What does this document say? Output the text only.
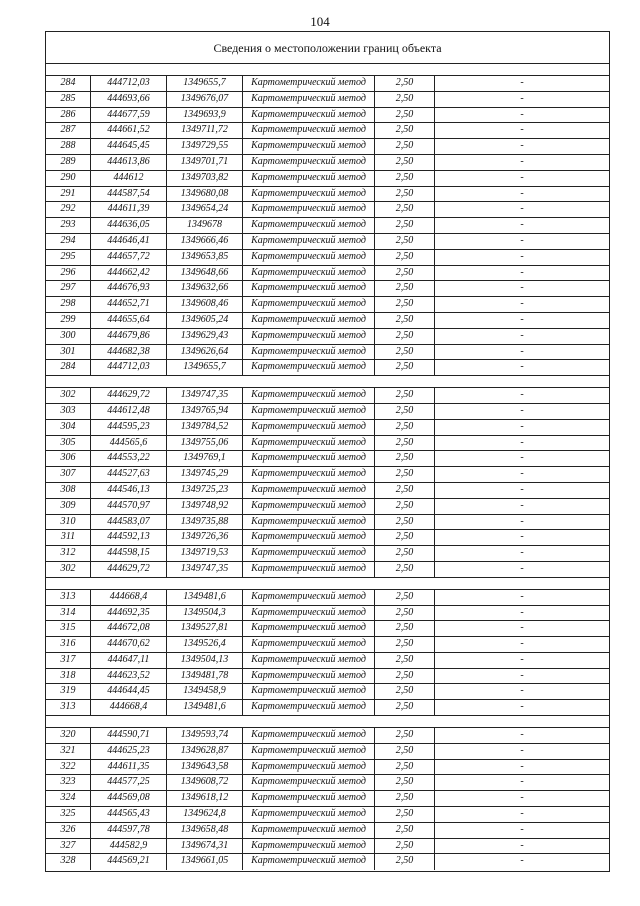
104
Сведения о местоположении границ объекта
284	444712,03	1349655,7	Картометрический метод	2,50	-
285	444693,66	1349676,07	Картометрический метод	2,50	-
286	444677,59	1349693,9	Картометрический метод	2,50	-
287	444661,52	1349711,72	Картометрический метод	2,50	-
288	444645,45	1349729,55	Картометрический метод	2,50	-
289	444613,86	1349701,71	Картометрический метод	2,50	-
290	444612	1349703,82	Картометрический метод	2,50	-
291	444587,54	1349680,08	Картометрический метод	2,50	-
292	444611,39	1349654,24	Картометрический метод	2,50	-
293	444636,05	1349678	Картометрический метод	2,50	-
294	444646,41	1349666,46	Картометрический метод	2,50	-
295	444657,72	1349653,85	Картометрический метод	2,50	-
296	444662,42	1349648,66	Картометрический метод	2,50	-
297	444676,93	1349632,66	Картометрический метод	2,50	-
298	444652,71	1349608,46	Картометрический метод	2,50	-
299	444655,64	1349605,24	Картометрический метод	2,50	-
300	444679,86	1349629,43	Картометрический метод	2,50	-
301	444682,38	1349626,64	Картометрический метод	2,50	-
284	444712,03	1349655,7	Картометрический метод	2,50	-
302	444629,72	1349747,35	Картометрический метод	2,50	-
303	444612,48	1349765,94	Картометрический метод	2,50	-
304	444595,23	1349784,52	Картометрический метод	2,50	-
305	444565,6	1349755,06	Картометрический метод	2,50	-
306	444553,22	1349769,1	Картометрический метод	2,50	-
307	444527,63	1349745,29	Картометрический метод	2,50	-
308	444546,13	1349725,23	Картометрический метод	2,50	-
309	444570,97	1349748,92	Картометрический метод	2,50	-
310	444583,07	1349735,88	Картометрический метод	2,50	-
311	444592,13	1349726,36	Картометрический метод	2,50	-
312	444598,15	1349719,53	Картометрический метод	2,50	-
302	444629,72	1349747,35	Картометрический метод	2,50	-
313	444668,4	1349481,6	Картометрический метод	2,50	-
314	444692,35	1349504,3	Картометрический метод	2,50	-
315	444672,08	1349527,81	Картометрический метод	2,50	-
316	444670,62	1349526,4	Картометрический метод	2,50	-
317	444647,11	1349504,13	Картометрический метод	2,50	-
318	444623,52	1349481,78	Картометрический метод	2,50	-
319	444644,45	1349458,9	Картометрический метод	2,50	-
313	444668,4	1349481,6	Картометрический метод	2,50	-
320	444590,71	1349593,74	Картометрический метод	2,50	-
321	444625,23	1349628,87	Картометрический метод	2,50	-
322	444611,35	1349643,58	Картометрический метод	2,50	-
323	444577,25	1349608,72	Картометрический метод	2,50	-
324	444569,08	1349618,12	Картометрический метод	2,50	-
325	444565,43	1349624,8	Картометрический метод	2,50	-
326	444597,78	1349658,48	Картометрический метод	2,50	-
327	444582,9	1349674,31	Картометрический метод	2,50	-
328	444569,21	1349661,05	Картометрический метод	2,50	-
